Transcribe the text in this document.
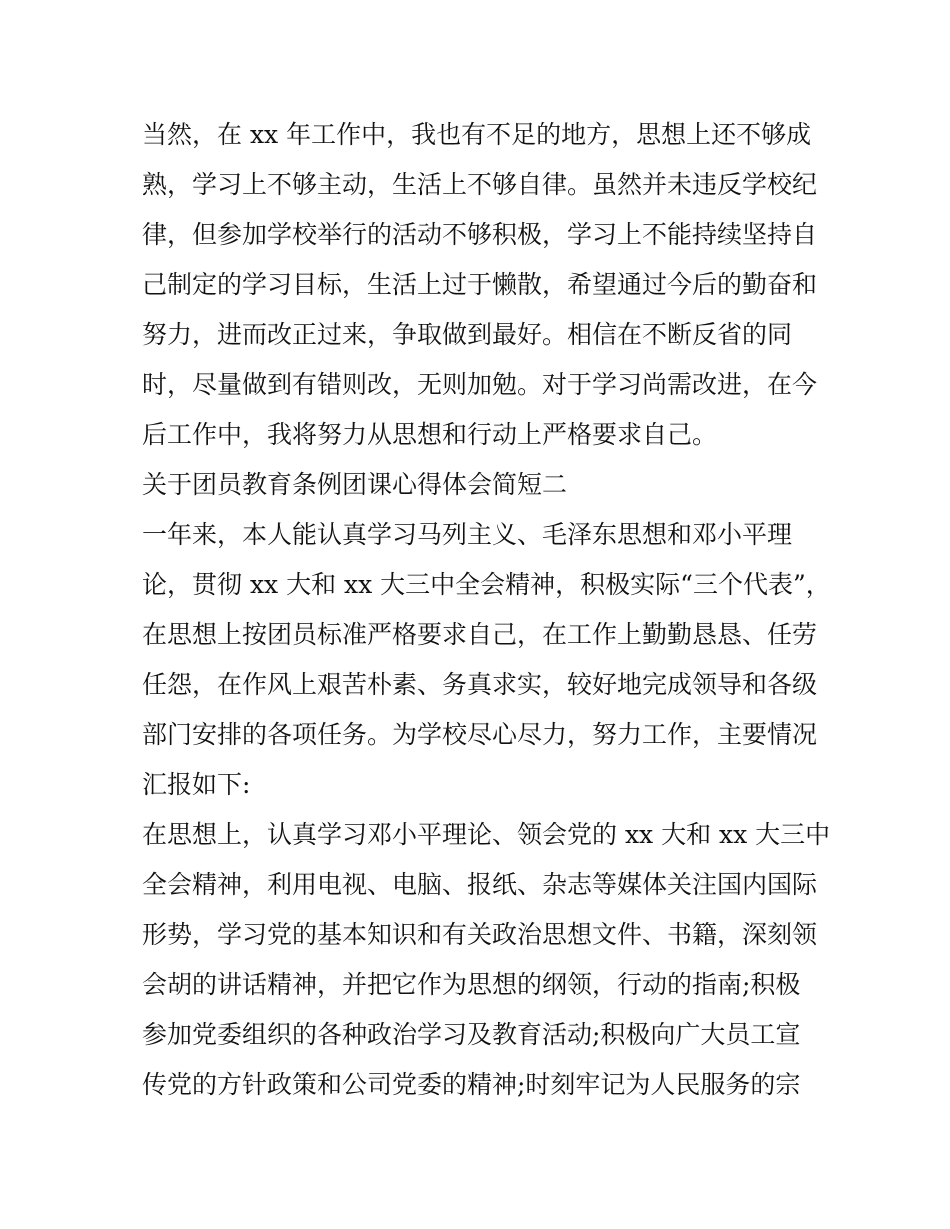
当然，在 xx 年工作中，我也有不足的地方，思想上还不够成
熟，学习上不够主动，生活上不够自律。虽然并未违反学校纪
律，但参加学校举行的活动不够积极，学习上不能持续坚持自
己制定的学习目标，生活上过于懒散，希望通过今后的勤奋和
努力，进而改正过来，争取做到最好。相信在不断反省的同
时，尽量做到有错则改，无则加勉。对于学习尚需改进，在今
后工作中，我将努力从思想和行动上严格要求自己。
关于团员教育条例团课心得体会简短二
一年来，本人能认真学习马列主义、毛泽东思想和邓小平理
论，贯彻 xx 大和 xx 大三中全会精神，积极实际“三个代表”，
在思想上按团员标准严格要求自己，在工作上勤勤恳恳、任劳
任怨，在作风上艰苦朴素、务真求实，较好地完成领导和各级
部门安排的各项任务。为学校尽心尽力，努力工作，主要情况
汇报如下:
在思想上，认真学习邓小平理论、领会党的 xx 大和 xx 大三中
全会精神，利用电视、电脑、报纸、杂志等媒体关注国内国际
形势，学习党的基本知识和有关政治思想文件、书籍，深刻领
会胡的讲话精神，并把它作为思想的纲领，行动的指南;积极
参加党委组织的各种政治学习及教育活动;积极向广大员工宣
传党的方针政策和公司党委的精神;时刻牢记为人民服务的宗
